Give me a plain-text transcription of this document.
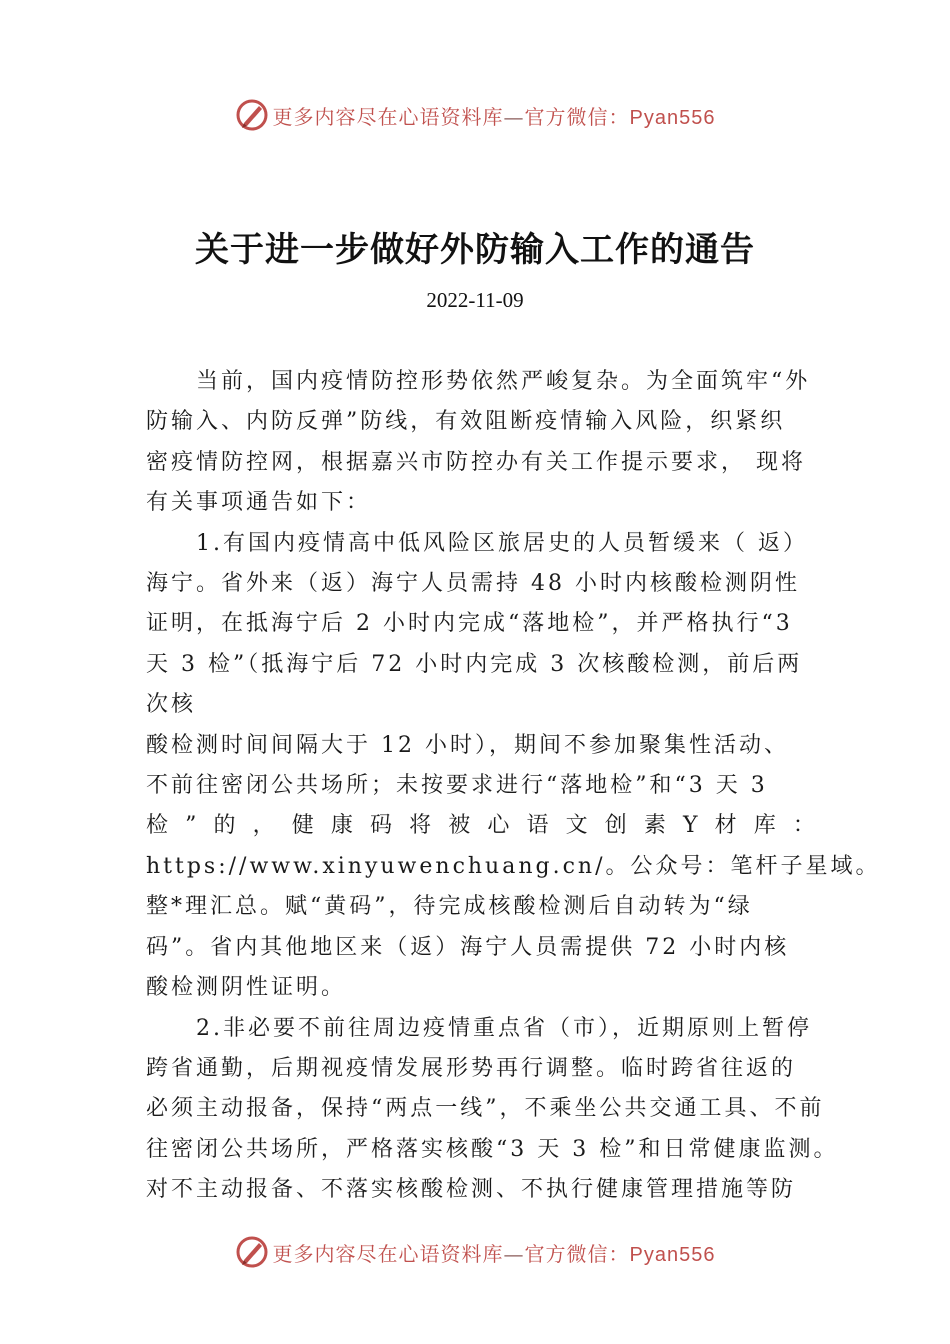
更多内容尽在心语资料库—官方微信：Pyan556
关于进一步做好外防输入工作的通告
2022-11-09

当前，国内疫情防控形势依然严峻复杂。为全面筑牢“外
防输入、内防反弹”防线，有效阻断疫情输入风险，织紧织
密疫情防控网，根据嘉兴市防控办有关工作提示要求， 现将
有关事项通告如下：

1.有国内疫情高中低风险区旅居史的人员暂缓来（ 返）
海宁。省外来（返）海宁人员需持 48 小时内核酸检测阴性
证明，在抵海宁后 2 小时内完成“落地检”，并严格执行“3
天 3 检”（抵海宁后 72 小时内完成 3 次核酸检测，前后两
次核
酸检测时间间隔大于 12 小时），期间不参加聚集性活动、
不前往密闭公共场所；未按要求进行“落地检”和“3 天 3
检 ” 的 ， 健 康 码 将 被 心 语 文 创 素 Y 材 库 ：
https://www.xinyuwenchuang.cn/。公众号：笔杆子星域。
整*理汇总。赋“黄码”，待完成核酸检测后自动转为“绿
码”。省内其他地区来（返）海宁人员需提供 72 小时内核
酸检测阴性证明。

2.非必要不前往周边疫情重点省（市），近期原则上暂停
跨省通勤，后期视疫情发展形势再行调整。临时跨省往返的
必须主动报备，保持“两点一线”，不乘坐公共交通工具、不前
往密闭公共场所，严格落实核酸“3 天 3 检”和日常健康监测。
对不主动报备、不落实核酸检测、不执行健康管理措施等防

更多内容尽在心语资料库—官方微信：Pyan556
